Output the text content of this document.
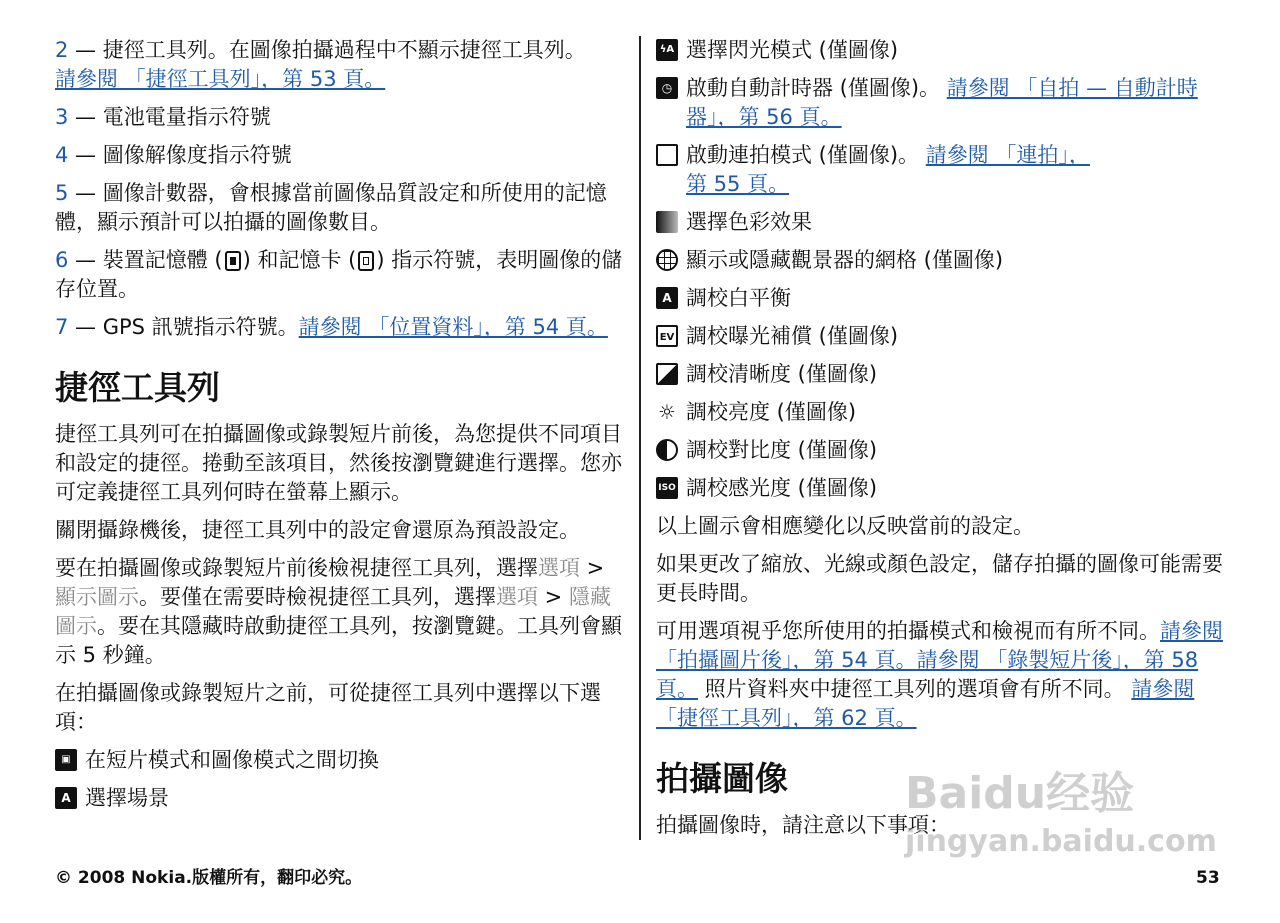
2 — 捷徑工具列。在圖像拍攝過程中不顯示捷徑工具列。
請參閱 「捷徑工具列」，第 53 頁。

3 — 電池電量指示符號

4 — 圖像解像度指示符號

5 — 圖像計數器，會根據當前圖像品質設定和所使用的記憶體，顯示預計可以拍攝的圖像數目。

6 — 裝置記憶體 ( ) 和記憶卡 ( ) 指示符號，表明圖像的儲存位置。

7 — GPS 訊號指示符號。請參閱 「位置資料」，第 54 頁。

捷徑工具列

捷徑工具列可在拍攝圖像或錄製短片前後，為您提供不同項目和設定的捷徑。捲動至該項目，然後按瀏覽鍵進行選擇。您亦可定義捷徑工具列何時在螢幕上顯示。

關閉攝錄機後，捷徑工具列中的設定會還原為預設設定。

要在拍攝圖像或錄製短片前後檢視捷徑工具列，選擇選項 > 顯示圖示。要僅在需要時檢視捷徑工具列，選擇選項 > 隱藏圖示。要在其隱藏時啟動捷徑工具列，按瀏覽鍵。工具列會顯示 5 秒鐘。

在拍攝圖像或錄製短片之前，可從捷徑工具列中選擇以下選項：

▣ 在短片模式和圖像模式之間切換
A 選擇場景
ϟA 選擇閃光模式 (僅圖像)
◷ 啟動自動計時器 (僅圖像)。 請參閱 「自拍 — 自動計時器」，第 56 頁。
啟動連拍模式 (僅圖像)。 請參閱 「連拍」，第 55 頁。
選擇色彩效果
顯示或隱藏觀景器的網格 (僅圖像)
A 調校白平衡
EV 調校曝光補償 (僅圖像)
調校清晰度 (僅圖像)
☼ 調校亮度 (僅圖像)
調校對比度 (僅圖像)
ISO 調校感光度 (僅圖像)

以上圖示會相應變化以反映當前的設定。

如果更改了縮放、光線或顏色設定，儲存拍攝的圖像可能需要更長時間。

可用選項視乎您所使用的拍攝模式和檢視而有所不同。請參閱 「拍攝圖片後」，第 54 頁。請參閱 「錄製短片後」，第 58 頁。 照片資料夾中捷徑工具列的選項會有所不同。 請參閱 「捷徑工具列」，第 62 頁。

拍攝圖像

拍攝圖像時，請注意以下事項：

© 2008 Nokia.版權所有，翻印必究。	53
Baidu经验
jingyan.baidu.com
